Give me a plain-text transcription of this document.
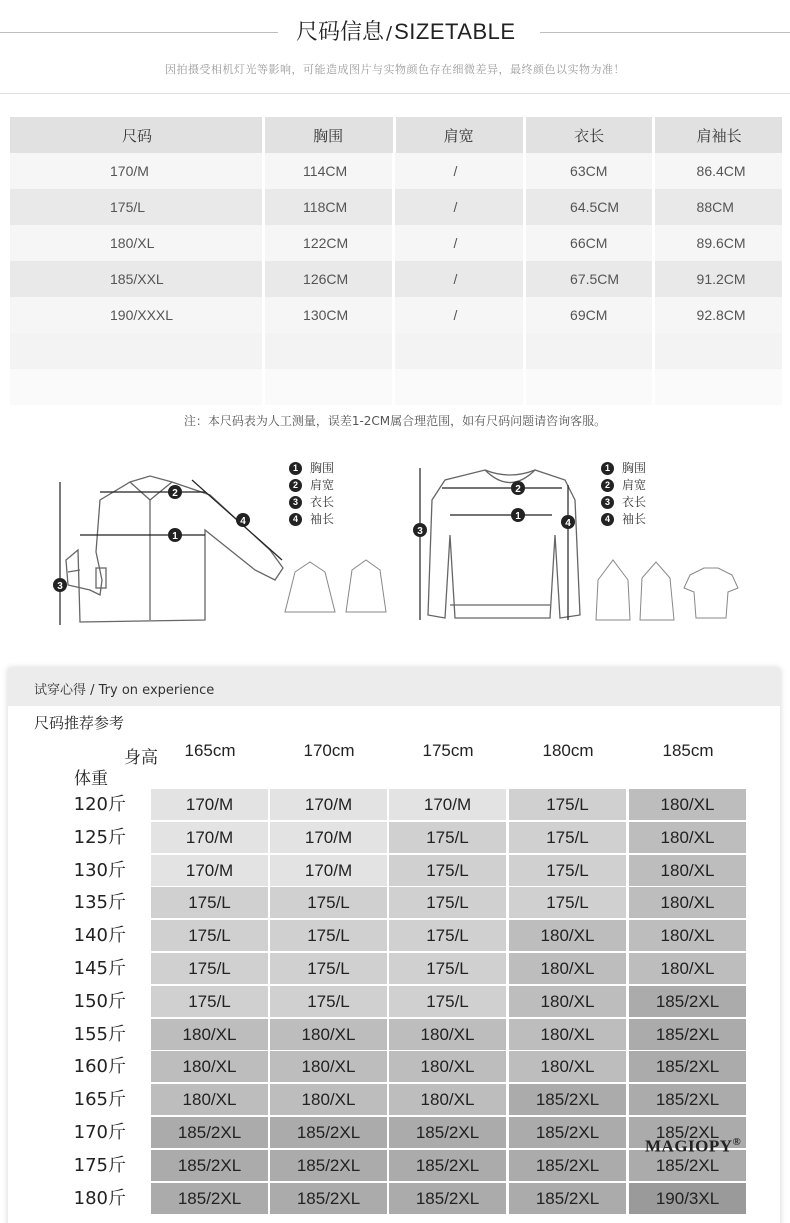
尺码信息 /SIZETABLE
因拍摄受相机灯光等影响，可能造成图片与实物颜色存在细微差异，最终颜色以实物为准！
尺码	胸围	肩宽	衣长	肩袖长
170/M	114CM	/	63CM	86.4CM
175/L	118CM	/	64.5CM	88CM
180/XL	122CM	/	66CM	89.6CM
185/XXL	126CM	/	67.5CM	91.2CM
190/XXXL	130CM	/	69CM	92.8CM
注：本尺码表为人工测量，误差1-2CM属合理范围，如有尺码问题请咨询客服。
1
2
3
4	1
2
3
4
1	胸围
2	肩宽
3	衣长
4	袖长
1	胸围
2	肩宽
3	衣长
4	袖长
试穿心得 / Try on experience
尺码推荐参考
身高
体重
165cm	170cm	175cm	180cm	185cm
120斤	170/M	170/M	170/M	175/L	180/XL
125斤	170/M	170/M	175/L	175/L	180/XL
130斤	170/M	170/M	175/L	175/L	180/XL
135斤	175/L	175/L	175/L	175/L	180/XL
140斤	175/L	175/L	175/L	180/XL	180/XL
145斤	175/L	175/L	175/L	180/XL	180/XL
150斤	175/L	175/L	175/L	180/XL	185/2XL
155斤	180/XL	180/XL	180/XL	180/XL	185/2XL
160斤	180/XL	180/XL	180/XL	180/XL	185/2XL
165斤	180/XL	180/XL	180/XL	185/2XL	185/2XL
170斤	185/2XL	185/2XL	185/2XL	185/2XL	185/2XL
175斤	185/2XL	185/2XL	185/2XL	185/2XL	185/2XL
180斤	185/2XL	185/2XL	185/2XL	185/2XL	190/3XL
MAGIOPY®
